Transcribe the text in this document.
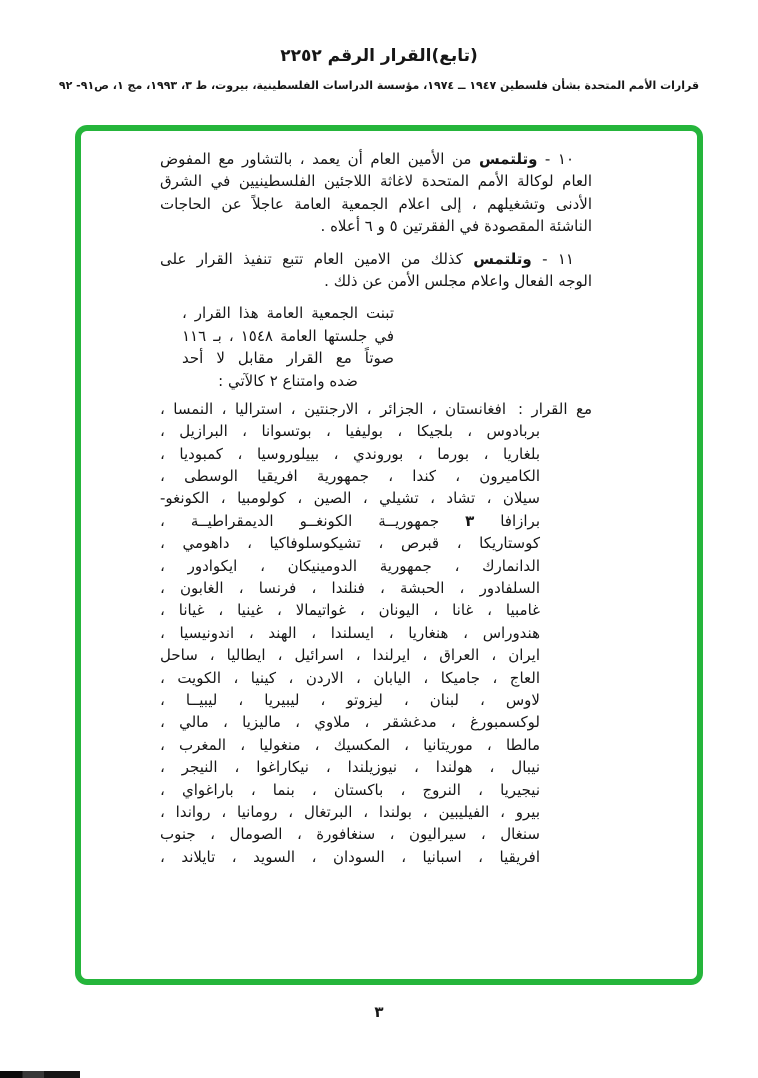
(تابع)القرار الرقم ٢٢٥٢
قرارات الأمم المتحدة بشأن فلسطين ١٩٤٧ ــ ١٩٧٤، مؤسسة الدراسات الفلسطينية، بيروت، ط ٣، ١٩٩٣، مج ١، ص٩١- ٩٢
١٠ - وتلتمس من الأمين العام أن يعمد ، بالتشاور مع المفوض
العام لوكالة الأمم المتحدة لاغاثة اللاجئين الفلسطينيين في الشرق
الأدنى وتشغيلهم ، إلى اعلام الجمعية العامة عاجلاً عن الحاجات
الناشئة المقصودة في الفقرتين ٥ و ٦ أعلاه .
١١ - وتلتمس كذلك من الامين العام تتبع تنفيذ القرار على
الوجه الفعال واعلام مجلس الأمن عن ذلك .
تبنت الجمعية العامة هذا القرار ،
في جلستها العامة ١٥٤٨ ، بـ ١١٦
صوتاً مع القرار مقابل لا أحد
ضده وامتناع ٢ كالآتي :
مع القرار :افغانستان ، الجزائر ، الارجنتين ، استراليا ، النمسا ،
بربادوس ، بلجيكا ، بوليفيا ، بوتسوانا ، البرازيل ،
بلغاريا ، بورما ، بوروندي ، بييلوروسيا ، كمبوديا ،
الكاميرون ، كندا ، جمهورية افريقيا الوسطى ،
سيلان ، تشاد ، تشيلي ، الصين ، كولومبيا ، الكونغو-
برازافا ٣ جمهوريــة الكونغــو الديمقراطيــة ،
كوستاريكا ، قبرص ، تشيكوسلوفاكيا ، داهومي ،
الدانمارك ، جمهورية الدومينيكان ، ايكوادور ،
السلفادور ، الحبشة ، فنلندا ، فرنسا ، الغابون ،
غامبيا ، غانا ، اليونان ، غواتيمالا ، غينيا ، غيانا ،
هندوراس ، هنغاريا ، ايسلندا ، الهند ، اندونيسيا ،
ايران ، العراق ، ايرلندا ، اسرائيل ، ايطاليا ، ساحل
العاج ، جاميكا ، اليابان ، الاردن ، كينيا ، الكويت ،
لاوس ، لبنان ، ليزوتو ، ليبيريا ، ليبيــا ،
لوكسمبورغ ، مدغشقر ، ملاوي ، ماليزيا ، مالي ،
مالطا ، موريتانيا ، المكسيك ، منغوليا ، المغرب ،
نيبال ، هولندا ، نيوزيلندا ، نيكاراغوا ، النيجر ،
نيجيريا ، النروج ، باكستان ، بنما ، باراغواي ،
بيرو ، الفيليبين ، بولندا ، البرتغال ، رومانيا ، رواندا ،
سنغال ، سيراليون ، سنغافورة ، الصومال ، جنوب
افريقيا ، اسبانيا ، السودان ، السويد ، تايلاند ،
٣
